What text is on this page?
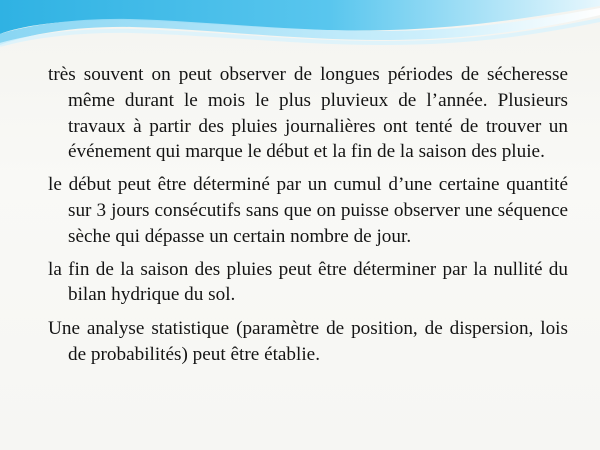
très souvent on peut observer de longues périodes de sécheresse même durant le mois le plus pluvieux de l’année. Plusieurs travaux à partir des pluies journalières ont tenté de trouver un événement qui marque le début et la fin de la saison des pluie.

le début peut être déterminé par un cumul d’une certaine quantité sur 3 jours consécutifs sans que on puisse observer une séquence sèche qui dépasse un certain nombre de jour.

la fin de la saison des pluies peut être déterminer par la nullité du bilan hydrique du sol.

Une analyse statistique (paramètre de position, de dispersion, lois de probabilités) peut être établie.
